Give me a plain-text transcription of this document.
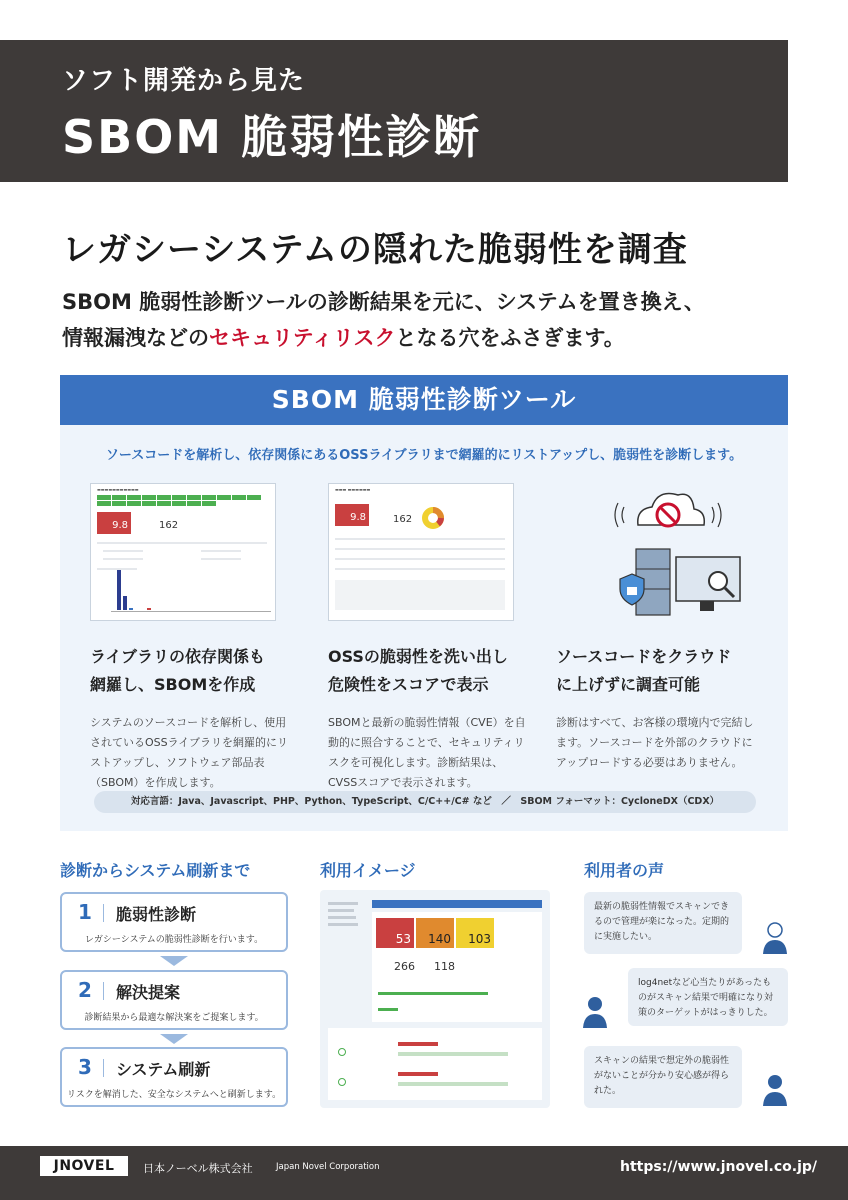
ソフト開発から見た
SBOM 脆弱性診断
レガシーシステムの隠れた脆弱性を調査
SBOM 脆弱性診断ツールの診断結果を元に、システムを置き換え、
情報漏洩などのセキュリティリスクとなる穴をふさぎます。
SBOM 脆弱性診断ツール
ソースコードを解析し、依存関係にあるOSSライブラリまで網羅的にリストアップし、脆弱性を診断します。
▬▬▬▬▬▬▬▬▬▬▬
9.8	162
▬▬▬ ▬▬▬▬▬▬
9.8	162
ライブラリの依存関係も
網羅し、SBOMを作成

システムのソースコードを解析し、使用されているOSSライブラリを網羅的にリストアップし、ソフトウェア部品表（SBOM）を作成します。

OSSの脆弱性を洗い出し
危険性をスコアで表示

SBOMと最新の脆弱性情報（CVE）を自動的に照合することで、セキュリティリスクを可視化します。診断結果は、CVSSスコアで表示されます。

ソースコードをクラウド
に上げずに調査可能

診断はすべて、お客様の環境内で完結します。ソースコードを外部のクラウドにアップロードする必要はありません。

対応言語：Java、Javascript、PHP、Python、TypeScript、C/C++/C# など　／　SBOM フォーマット：CycloneDX（CDX）
診断からシステム刷新まで
1 脆弱性診断
レガシーシステムの脆弱性診断を行います。
2 解決提案
診断結果から最適な解決案をご提案します。
3 システム刷新
リスクを解消した、安全なシステムへと刷新します。
利用イメージ
53	140	103
266 118
利用者の声
最新の脆弱性情報でスキャンできるので管理が楽になった。定期的に実施したい。
log4netなど心当たりがあったものがスキャン結果で明確になり対策のターゲットがはっきりした。
スキャンの結果で想定外の脆弱性がないことが分かり安心感が得られた。
JNOVEL	日本ノーベル株式会社	Japan Novel Corporation	https://www.jnovel.co.jp/
